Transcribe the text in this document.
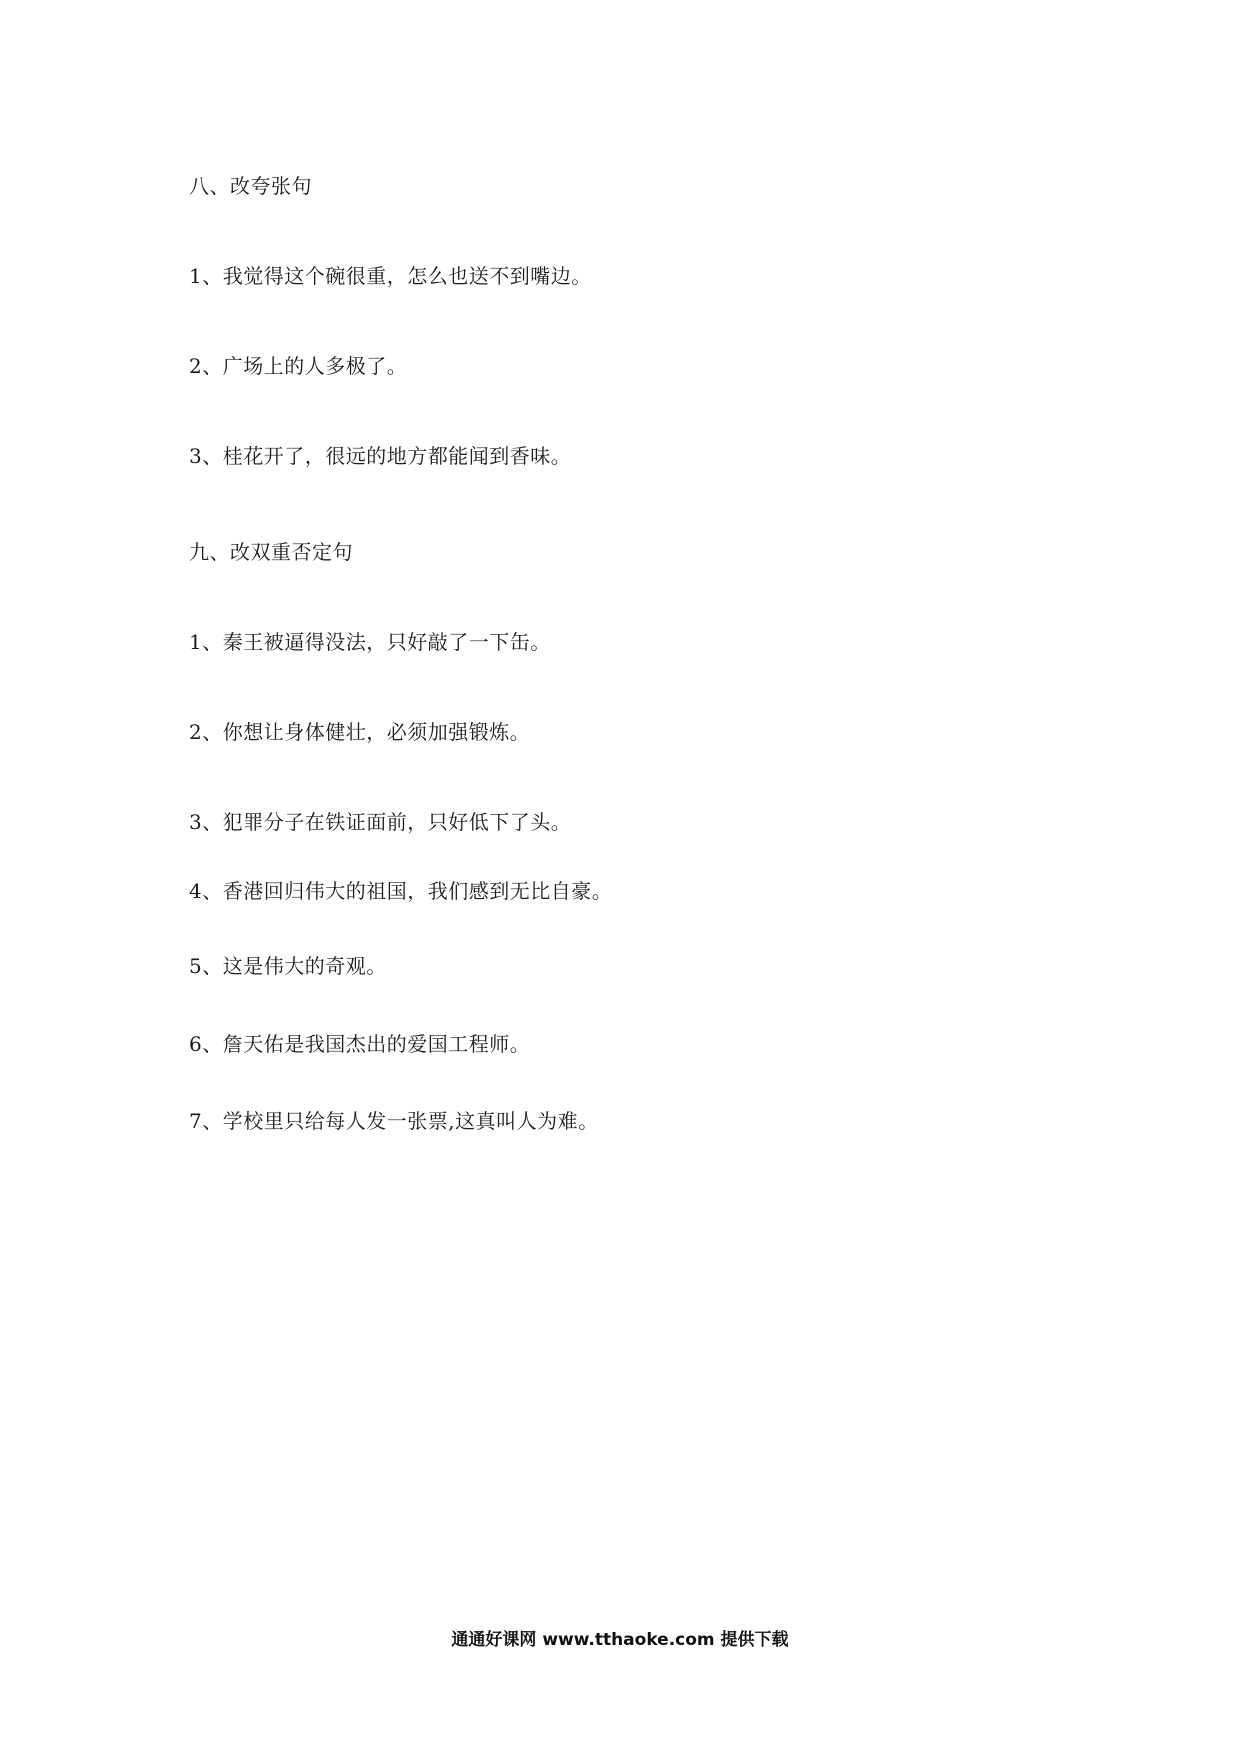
八、改夸张句
1、我觉得这个碗很重，怎么也送不到嘴边。
2、广场上的人多极了。
3、桂花开了，很远的地方都能闻到香味。
九、改双重否定句
1、秦王被逼得没法，只好敲了一下缶。
2、你想让身体健壮，必须加强锻炼。
3、犯罪分子在铁证面前，只好低下了头。
4、香港回归伟大的祖国，我们感到无比自豪。
5、这是伟大的奇观。
6、詹天佑是我国杰出的爱国工程师。
7、学校里只给每人发一张票,这真叫人为难。
通通好课网 www.tthaoke.com 提供下载
